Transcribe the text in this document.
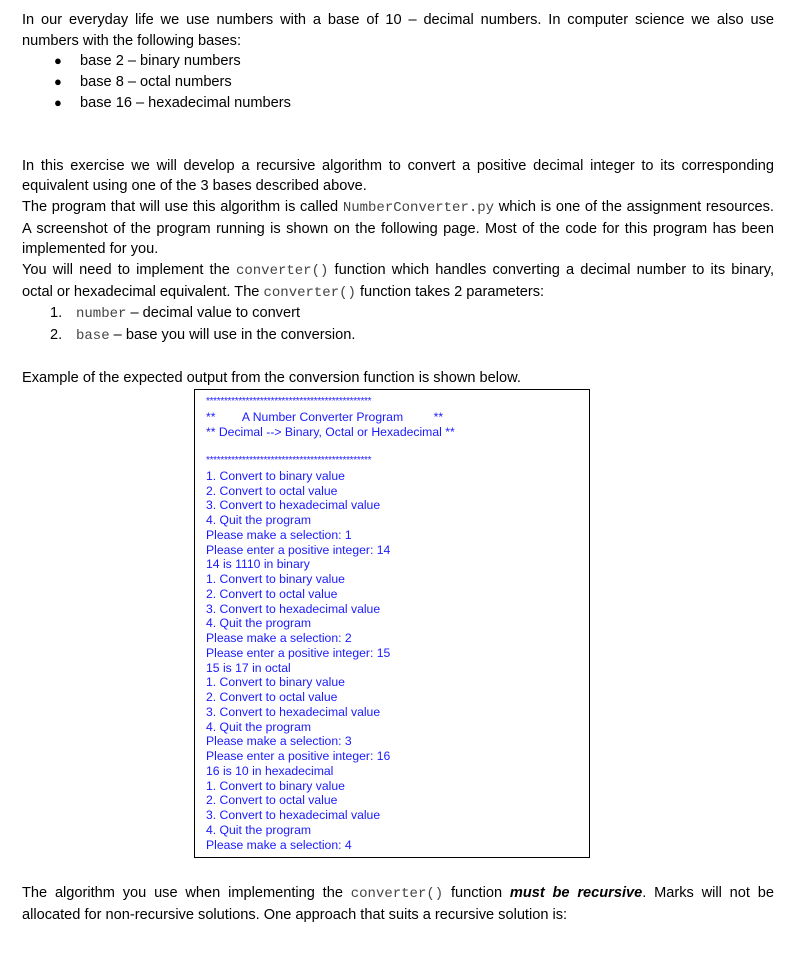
In our everyday life we use numbers with a base of 10 – decimal numbers. In computer science we also use numbers with the following bases:

● base 2 – binary numbers
● base 8 – octal numbers
● base 16 – hexadecimal numbers

In this exercise we will develop a recursive algorithm to convert a positive decimal integer to its corresponding equivalent using one of the 3 bases described above.

The program that will use this algorithm is called NumberConverter.py which is one of the assignment resources. A screenshot of the program running is shown on the following page. Most of the code for this program has been implemented for you.

You will need to implement the converter() function which handles converting a decimal number to its binary, octal or hexadecimal equivalent. The converter() function takes 2 parameters:

1. number – decimal value to convert
2. base – base you will use in the conversion.

Example of the expected output from the conversion function is shown below.

**********************************************
**        A Number Converter Program         **
** Decimal --> Binary, Octal or Hexadecimal **
**********************************************
1. Convert to binary value
2. Convert to octal value
3. Convert to hexadecimal value
4. Quit the program
Please make a selection: 1
Please enter a positive integer: 14
14 is 1110 in binary
1. Convert to binary value
2. Convert to octal value
3. Convert to hexadecimal value
4. Quit the program
Please make a selection: 2
Please enter a positive integer: 15
15 is 17 in octal
1. Convert to binary value
2. Convert to octal value
3. Convert to hexadecimal value
4. Quit the program
Please make a selection: 3
Please enter a positive integer: 16
16 is 10 in hexadecimal
1. Convert to binary value
2. Convert to octal value
3. Convert to hexadecimal value
4. Quit the program
Please make a selection: 4

The algorithm you use when implementing the converter() function must be recursive. Marks will not be allocated for non-recursive solutions. One approach that suits a recursive solution is:
